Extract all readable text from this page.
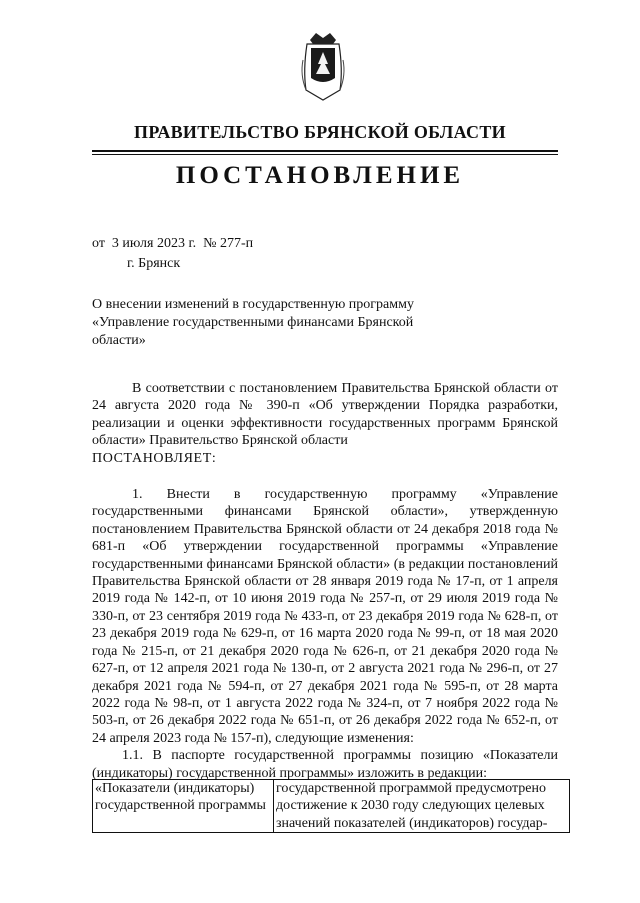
ПРАВИТЕЛЬСТВО БРЯНСКОЙ ОБЛАСТИ
ПОСТАНОВЛЕНИЕ
от  3 июля 2023 г.  № 277-п
г. Брянск
О внесении изменений в государственную программу «Управление государственными финансами Брянской области»

В соответствии с постановлением Правительства Брянской области от 24 августа 2020 года № 390-п «Об утверждении Порядка разработки, реализации и оценки эффективности государственных программ Брянской области» Правительство Брянской области

ПОСТАНОВЛЯЕТ:

1. Внести в государственную программу «Управление государственными финансами Брянской области», утвержденную постановлением Правительства Брянской области от 24 декабря 2018 года № 681-п «Об утверждении государственной программы «Управление государственными финансами Брянской области» (в редакции постановлений Правительства Брянской области от 28 января 2019 года № 17-п, от 1 апреля 2019 года № 142-п, от 10 июня 2019 года № 257-п, от 29 июля 2019 года № 330-п, от 23 сентября 2019 года № 433-п, от 23 декабря 2019 года № 628-п, от 23 декабря 2019 года № 629-п, от 16 марта 2020 года № 99-п, от 18 мая 2020 года № 215-п, от 21 декабря 2020 года № 626-п, от 21 декабря 2020 года № 627-п, от 12 апреля 2021 года № 130-п, от 2 августа 2021 года № 296-п, от 27 декабря 2021 года № 594-п, от 27 декабря 2021 года № 595-п, от 28 марта 2022 года № 98-п, от 1 августа 2022 года № 324-п, от 7 ноября 2022 года № 503-п, от 26 декабря 2022 года № 651-п, от 26 декабря 2022 года № 652-п, от 24 апреля 2023 года № 157-п), следующие изменения:

1.1. В паспорте государственной программы позицию «Показатели (индикаторы) государственной программы» изложить в редакции:

«Показатели (индикаторы) государственной программы	государственной программой предусмотрено достижение к 2030 году следующих целевых значений показателей (индикаторов) государ-
